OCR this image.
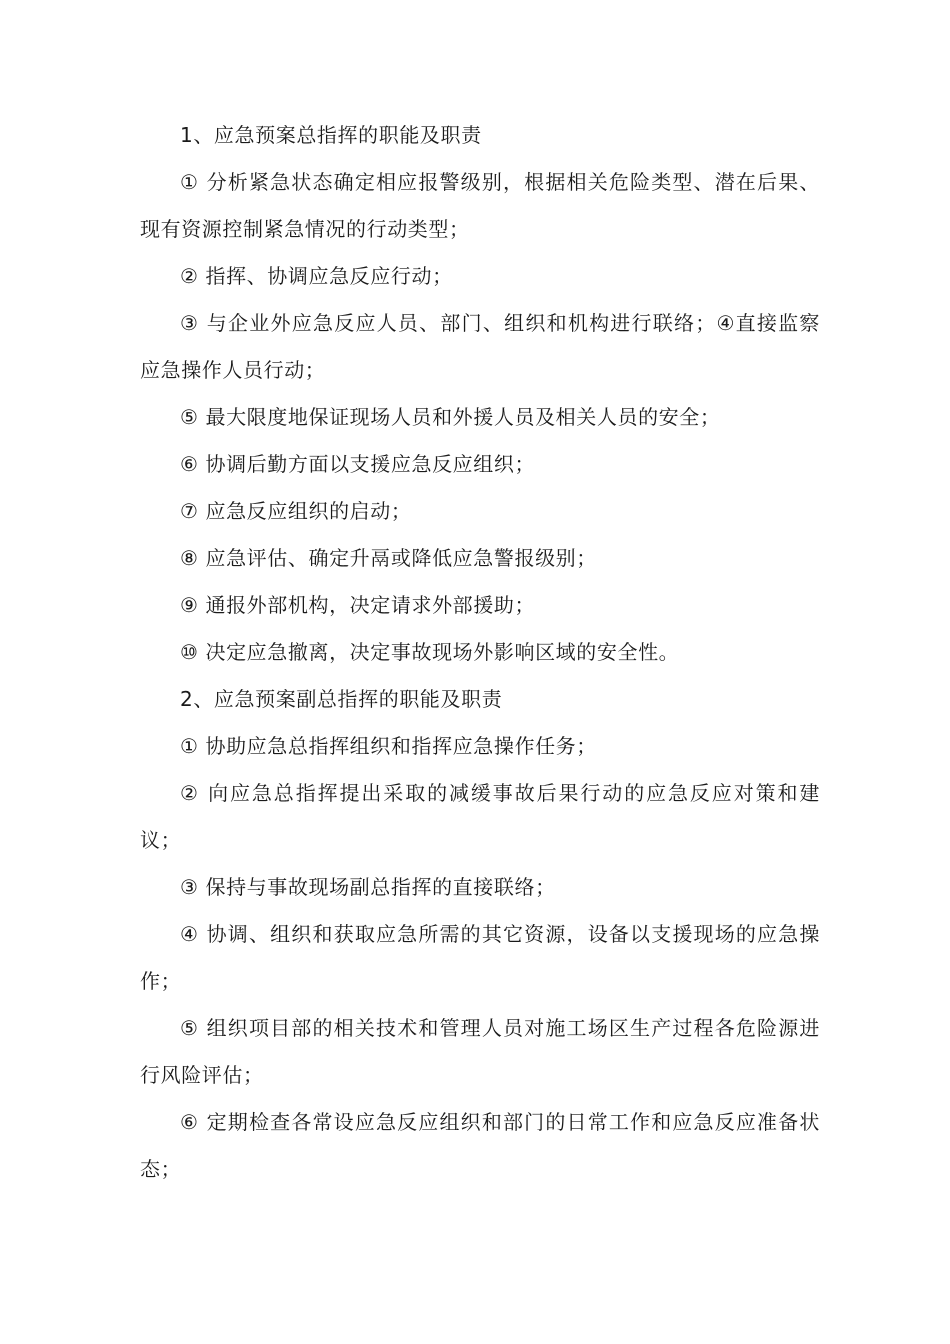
1、应急预案总指挥的职能及职责

① 分析紧急状态确定相应报警级别，根据相关危险类型、潜在后果、现有资源控制紧急情况的行动类型；

② 指挥、协调应急反应行动；

③ 与企业外应急反应人员、部门、组织和机构进行联络；④直接监察应急操作人员行动；

⑤ 最大限度地保证现场人员和外援人员及相关人员的安全；

⑥ 协调后勤方面以支援应急反应组织；

⑦ 应急反应组织的启动；

⑧ 应急评估、确定升鬲或降低应急警报级别；

⑨ 通报外部机构，决定请求外部援助；

⑩ 决定应急撤离，决定事故现场外影响区域的安全性。

2、应急预案副总指挥的职能及职责

① 协助应急总指挥组织和指挥应急操作任务；

② 向应急总指挥提出采取的减缓事故后果行动的应急反应对策和建议；

③ 保持与事故现场副总指挥的直接联络；

④ 协调、组织和获取应急所需的其它资源，设备以支援现场的应急操作；

⑤ 组织项目部的相关技术和管理人员对施工场区生产过程各危险源进行风险评估；

⑥ 定期检查各常设应急反应组织和部门的日常工作和应急反应准备状态；
